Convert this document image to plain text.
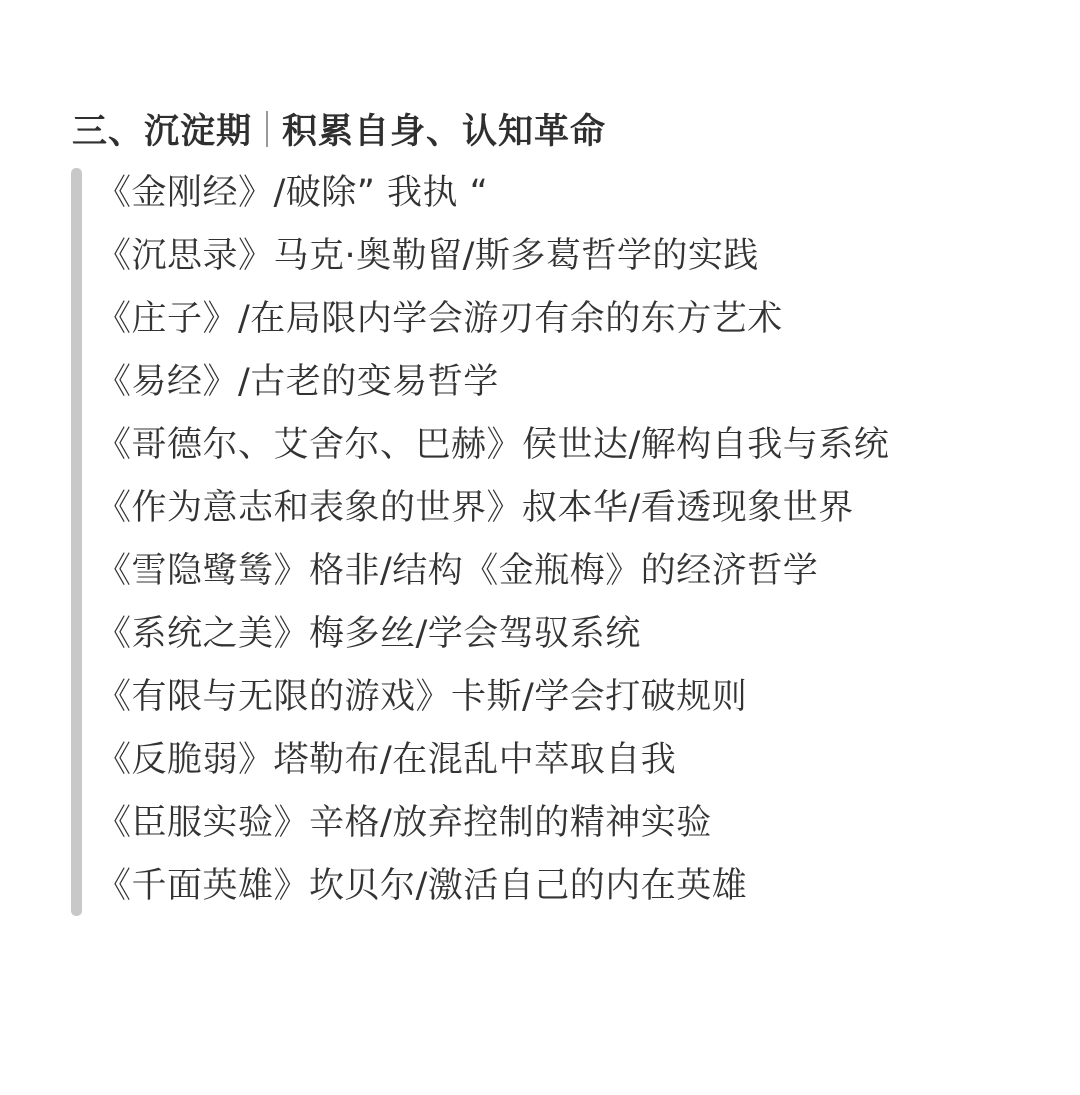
三、沉淀期 积累自身、认知革命
《金刚经》/破除” 我执 “
《沉思录》马克·奥勒留/斯多葛哲学的实践
《庄子》/在局限内学会游刃有余的东方艺术
《易经》/古老的变易哲学
《哥德尔、艾舍尔、巴赫》侯世达/解构自我与系统
《作为意志和表象的世界》叔本华/看透现象世界
《雪隐鹭鸶》格非/结构《金瓶梅》的经济哲学
《系统之美》梅多丝/学会驾驭系统
《有限与无限的游戏》卡斯/学会打破规则
《反脆弱》塔勒布/在混乱中萃取自我
《臣服实验》辛格/放弃控制的精神实验
《千面英雄》坎贝尔/激活自己的内在英雄
